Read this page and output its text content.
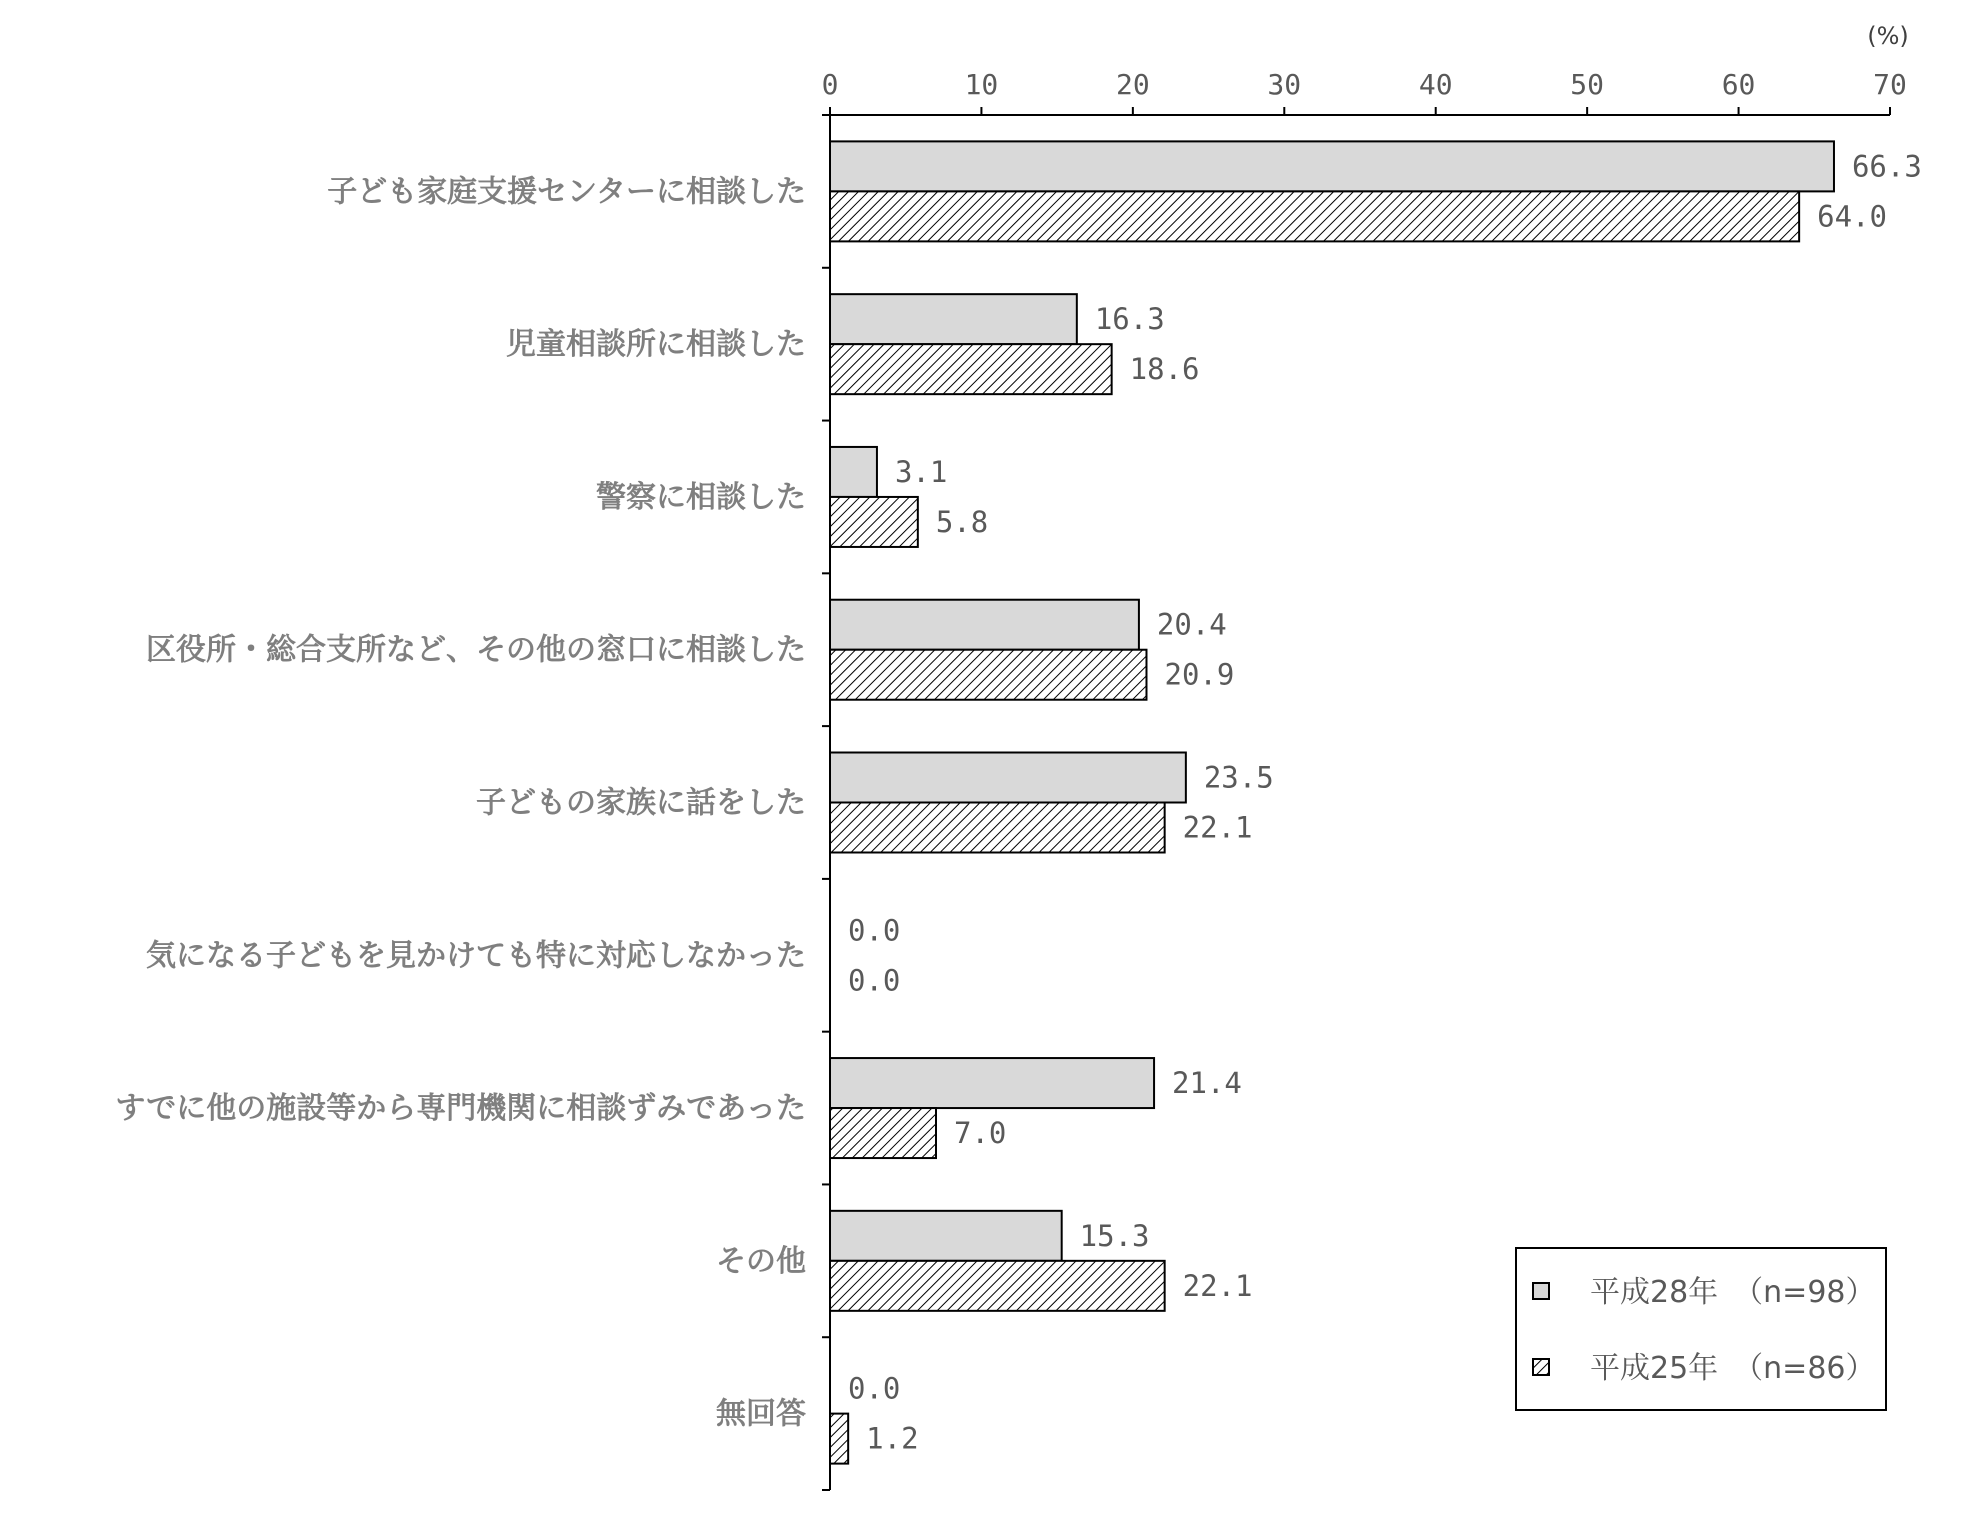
0	10	20	30	40	50	60	70
(%)
子ども家庭支援センターに相談した
66.3
64.0
児童相談所に相談した
16.3
18.6
警察に相談した
3.1
5.8
区役所・総合支所など、その他の窓口に相談した
20.4
20.9
子どもの家族に話をした
23.5
22.1
気になる子どもを見かけても特に対応しなかった
0.0
0.0
すでに他の施設等から専門機関に相談ずみであった
21.4
7.0
その他
15.3
22.1
無回答
0.0
1.2
平成28年　（n=98）
平成25年　（n=86）
